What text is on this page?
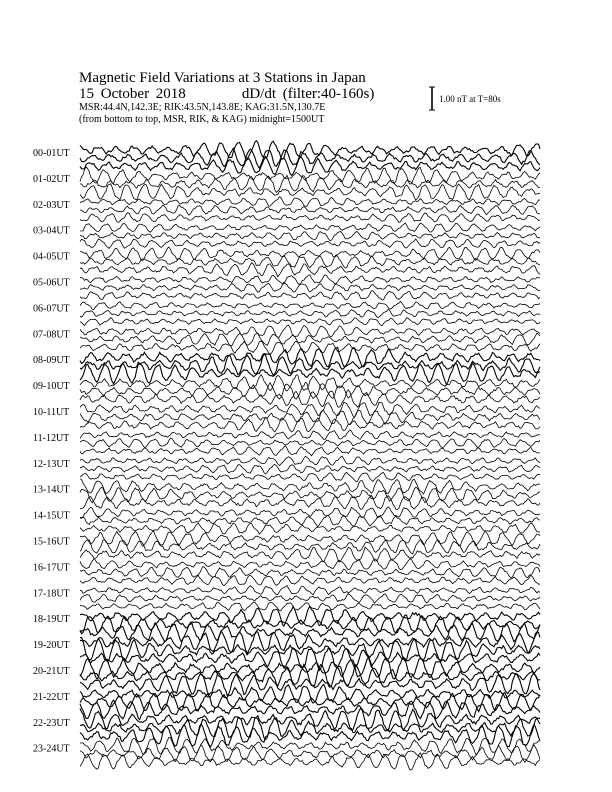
Magnetic Field Variations at 3 Stations in Japan
15 October 2018	dD/dt (filter:40-160s)
MSR:44.4N,142.3E; RIK:43.5N,143.8E; KAG:31.5N,130.7E
(from bottom to top, MSR, RIK, & KAG) midnight=1500UT
1.00 nT at T=80s
00-01UT
01-02UT
02-03UT
03-04UT
04-05UT
05-06UT
06-07UT
07-08UT
08-09UT
09-10UT
10-11UT
11-12UT
12-13UT
13-14UT
14-15UT
15-16UT
16-17UT
17-18UT
18-19UT
19-20UT
20-21UT
21-22UT
22-23UT
23-24UT
